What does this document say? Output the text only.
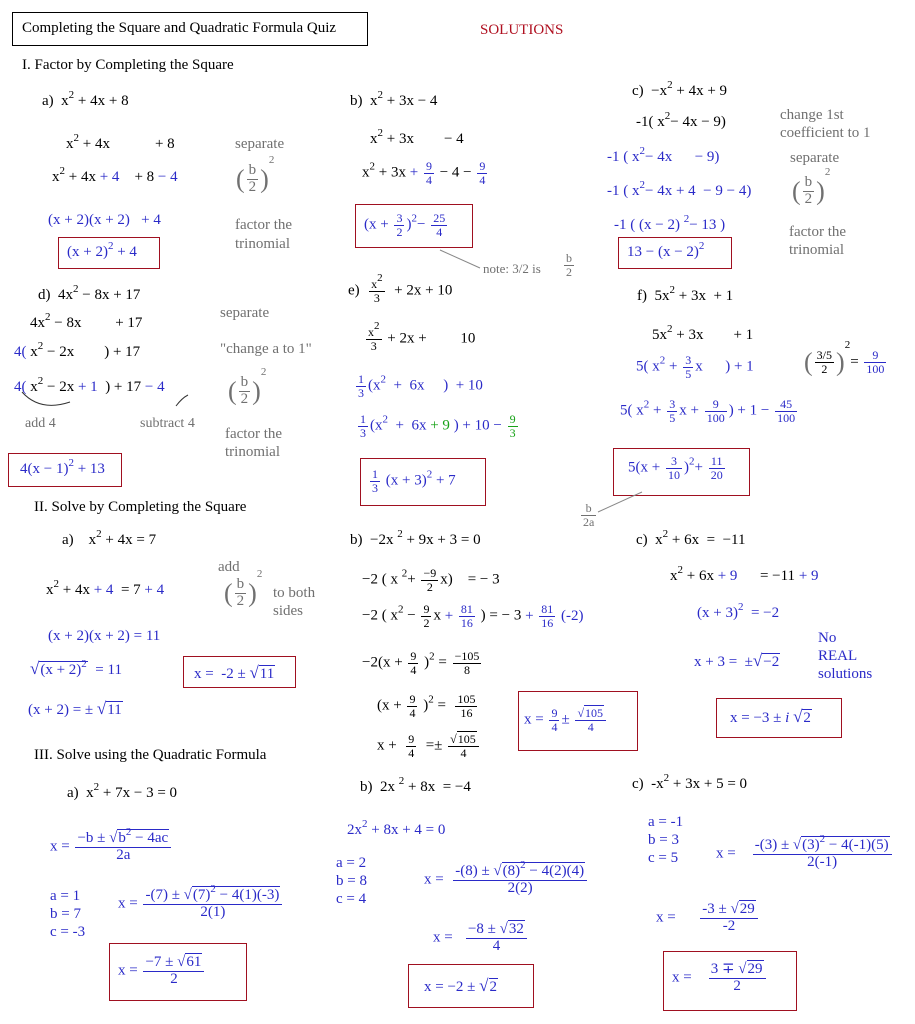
Completing the Square and Quadratic Formula Quiz	SOLUTIONS
I. Factor by Completing the Square
a)  $x^2 + 4x + 8$
$x^2 + 4x$            + 8
$x^2 + 4x + 4$    + 8 − 4
(x + 2)(x + 2)   + 4
$(x + 2)^2 + 4$
separate
( $\frac{b}{2} )^2$
factor the
trinomial
b)  $x^2 + 3x - 4$
$x^2 + 3x$        − 4
$x^2 + 3x + \frac{9}{4} - 4 - \frac{9}{4}$
$(x + \frac{3}{2} )^2- \frac{25}{4}$
note: 3/2 is $\frac{b}{2}$
$c) -x^2 + 4x + 9$
-1( $x^2- 4x - 9$)
-1 ( $x^2- 4x$      − 9)
-1 ( $x^2- 4x + 4 - 9 - 4$)
-1 ( (x − 2) $^2$− 13 )
$13 - (x - 2)^2$
change 1st
coefficient to 1
separate
( $\frac{b}{2} )^2$
factor the
trinomial
d)  $4x^2 - 8x + 17$
$4x^2 - 8x$         + 17
4( $x^2 - 2x$        ) + 17
4( $x^2 - 2x + 1$  ) + 17 − 4
add 4	subtract 4
$4(x - 1)^2 + 13$
separate
"change a to 1"
( $\frac{b}{2} )^2$
factor the
trinomial
$e) \frac{x^2}{3} + 2x + 10$
$\frac{x^2}{3} + 2x$ +         10
$\frac{1}{3} (x^2 + 6x$     )  + 10
$\frac{1}{3} (x^2 + 6x + 9$ ) + $10 - \frac{9}{3}$
$\frac{1}{3} (x + 3)^2 + 7$
f)  $5x^2 + 3x + 1$
$5x^2 + 3x$        + 1
5( $x^2 + \frac{3}{5}$ x      ) + 1 ( $\frac{3/5}{2} )^2= \frac{9}{100}$
5( $x^2 + \frac{3}{5}$ $x + \frac{9}{100}$ ) + $1 - \frac{45}{100}$
$5(x + \frac{3}{10} )^2+ \frac{11}{20}$
$\frac{b}{2a}$
II. Solve by Completing the Square
a)    $x^2 + 4x = 7$
$x^2 + 4x + 4 = 7 + 4$
add
( $\frac{b}{2} )^2$
to both
sides
(x + 2)(x + 2) = 11
$√(x + 2)^2 = 11$
(x + 2) = ± √11
x =  -2 ± √11
b)  −2x $^2$ + 9x + 3 = 0
−2 ( x $^2+ \frac{-9}{2} x$)    = − 3
−2 ( $x^2 - \frac{9}{2}$ $x + \frac{81}{16}$ ) = − $3 + \frac{81}{16} (-2)$
$-2(x + \frac{9}{4} )^2 = \frac{-105}{8}$
$(x + \frac{9}{4} )^2 = \frac{105}{16}$
$x + \frac{9}{4} =\pm \frac{√105}{4}$
$x = \frac{9}{4} \pm \frac{√105}{4}$
c)  $x^2 + 6x = -11$
$x^2 + 6x + 9$      = −11 + 9
$(x + 3)^2 = -2$
x + 3 =  ±√−2
No
REAL
solutions
x = −3 ± i √2
III. Solve using the Quadratic Formula
a)  $x^2 + 7x - 3 = 0$
$x = \frac{-b \pm √b^2 - 4ac}{2a}$
a = 1
b = 7
c = -3
$x = \frac{-(7) \pm √(7)^2 - 4(1)(-3)}{2(1)}$
$x = \frac{-7 \pm √61}{2}$
b)  2x $^2$ + 8x  = −4
$2x^2 + 8x + 4 = 0$
a = 2
b = 8
c = 4
$x = \frac{-(8) \pm √(8)^2 - 4(2)(4)}{2(2)}$
$x = \frac{-8 \pm √32}{4}$
x = −2 ± √2
c)  $-x^2 + 3x + 5 = 0$
a = -1
b = 3
c = 5	$x = \frac{-(3) \pm √(3)^2 - 4(-1)(5)}{2(-1)}$
$x = \frac{-3 \pm √29}{-2}$
$x = \frac{3 \mp √29}{2}$
